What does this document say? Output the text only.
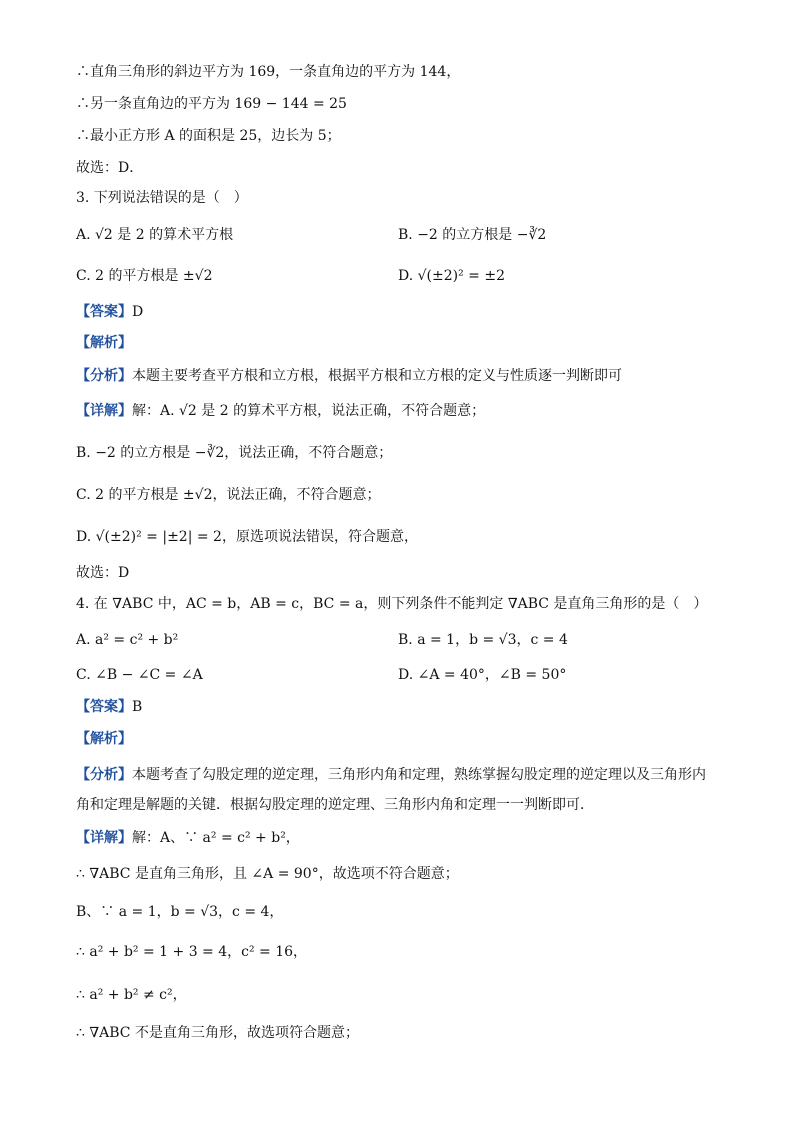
∴直角三角形的斜边平方为 169，一条直角边的平方为 144，
∴另一条直角边的平方为 169 − 144 = 25
∴最小正方形 A 的面积是 25，边长为 5；
故选：D．
3. 下列说法错误的是（　）
A. √2 是 2 的算术平方根	B. −2 的立方根是 −∛2
C. 2 的平方根是 ±√2	D. √(±2)² = ±2
【答案】D
【解析】
【分析】本题主要考查平方根和立方根，根据平方根和立方根的定义与性质逐一判断即可
【详解】解：A. √2 是 2 的算术平方根，说法正确，不符合题意；
B. −2 的立方根是 −∛2，说法正确，不符合题意；
C. 2 的平方根是 ±√2，说法正确，不符合题意；
D. √(±2)² = |±2| = 2，原选项说法错误，符合题意，
故选：D
4. 在 ∇ABC 中，AC = b，AB = c，BC = a，则下列条件不能判定 ∇ABC 是直角三角形的是（　）
A. a² = c² + b²	B. a = 1，b = √3，c = 4
C. ∠B − ∠C = ∠A	D. ∠A = 40°，∠B = 50°
【答案】B
【解析】
【分析】本题考查了勾股定理的逆定理，三角形内角和定理，熟练掌握勾股定理的逆定理以及三角形内角和定理是解题的关键．根据勾股定理的逆定理、三角形内角和定理一一判断即可．
【详解】解：A、∵ a² = c² + b²，
∴ ∇ABC 是直角三角形，且 ∠A = 90°，故选项不符合题意；
B、∵ a = 1，b = √3，c = 4，
∴ a² + b² = 1 + 3 = 4，c² = 16，
∴ a² + b² ≠ c²，
∴ ∇ABC 不是直角三角形，故选项符合题意；
